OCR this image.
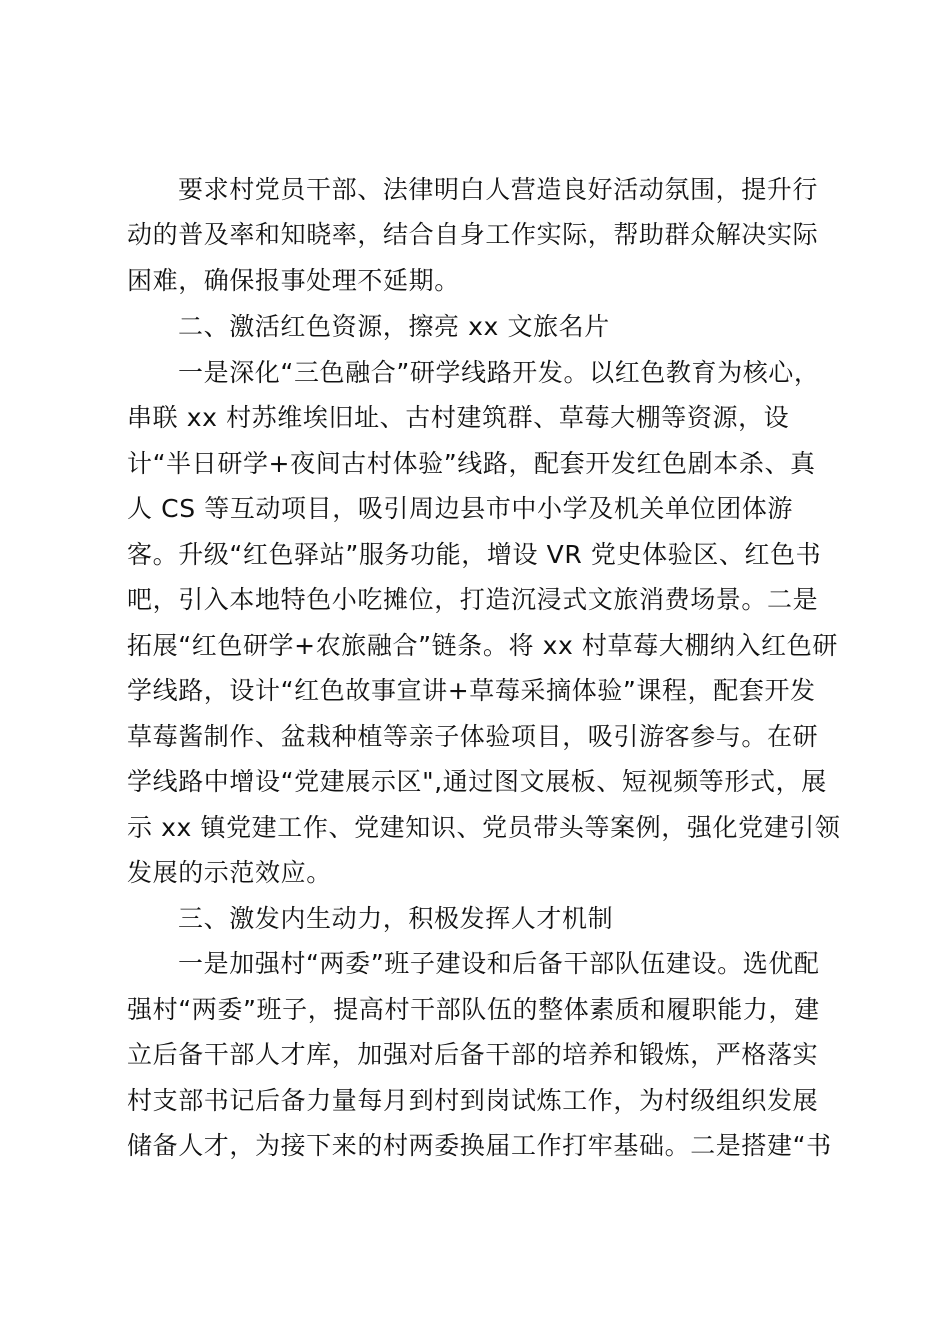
要求村党员干部、法律明白人营造良好活动氛围，提升行
动的普及率和知晓率，结合自身工作实际，帮助群众解决实际
困难，确保报事处理不延期。
二、激活红色资源，擦亮 xx 文旅名片
一是深化“三色融合”研学线路开发。以红色教育为核心，
串联 xx 村苏维埃旧址、古村建筑群、草莓大棚等资源，设
计“半日研学+夜间古村体验”线路，配套开发红色剧本杀、真
人 CS 等互动项目，吸引周边县市中小学及机关单位团体游
客。升级“红色驿站”服务功能，增设 VR 党史体验区、红色书
吧，引入本地特色小吃摊位，打造沉浸式文旅消费场景。二是
拓展“红色研学+农旅融合”链条。将 xx 村草莓大棚纳入红色研
学线路，设计“红色故事宣讲+草莓采摘体验”课程，配套开发
草莓酱制作、盆栽种植等亲子体验项目，吸引游客参与。在研
学线路中增设“党建展示区",通过图文展板、短视频等形式，展
示 xx 镇党建工作、党建知识、党员带头等案例，强化党建引领
发展的示范效应。
三、激发内生动力，积极发挥人才机制
一是加强村“两委”班子建设和后备干部队伍建设。选优配
强村“两委”班子，提高村干部队伍的整体素质和履职能力，建
立后备干部人才库，加强对后备干部的培养和锻炼，严格落实
村支部书记后备力量每月到村到岗试炼工作，为村级组织发展
储备人才，为接下来的村两委换届工作打牢基础。二是搭建“书
